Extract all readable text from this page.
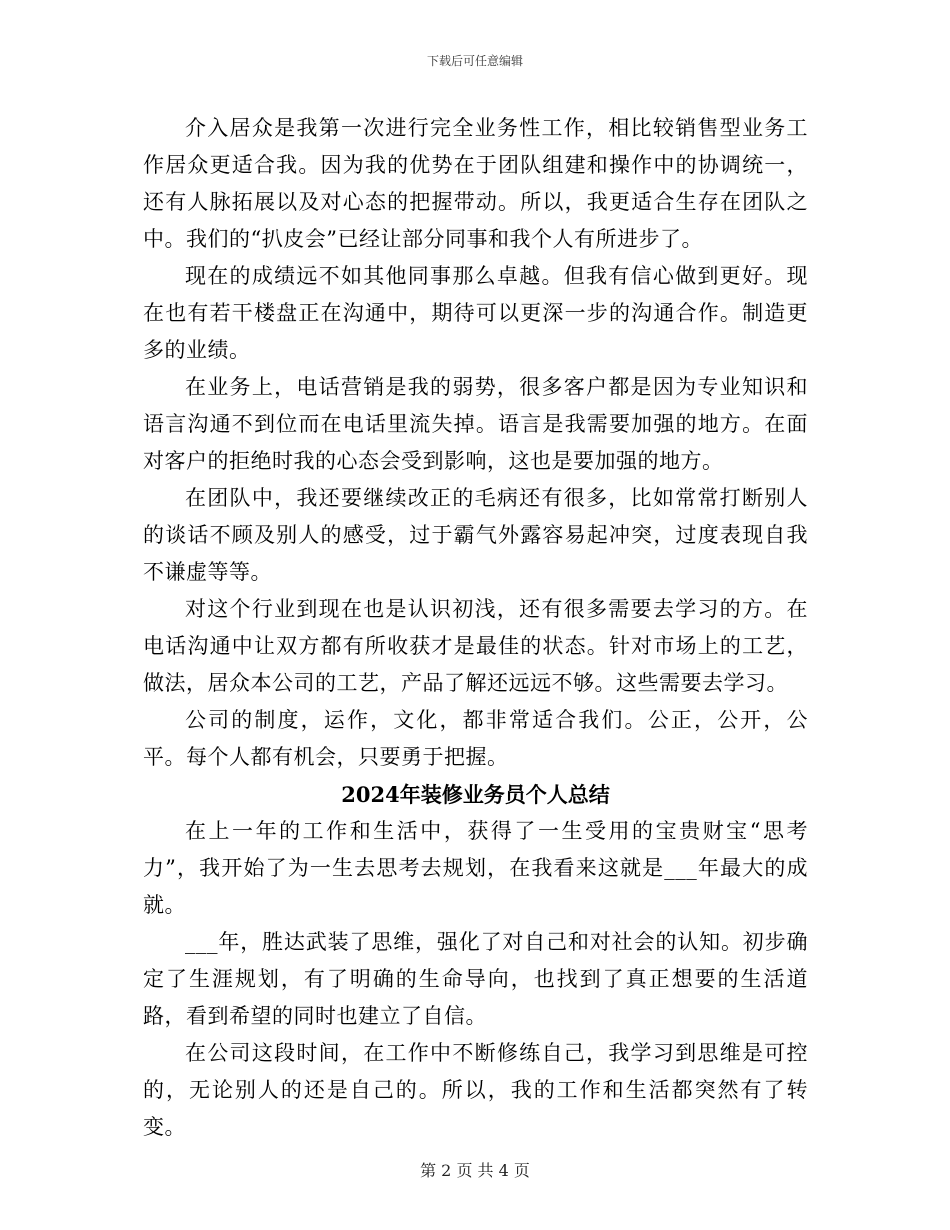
下载后可任意编辑

介入居众是我第一次进行完全业务性工作，相比较销售型业务工作居众更适合我。因为我的优势在于团队组建和操作中的协调统一，还有人脉拓展以及对心态的把握带动。所以，我更适合生存在团队之中。我们的“扒皮会”已经让部分同事和我个人有所进步了。

现在的成绩远不如其他同事那么卓越。但我有信心做到更好。现在也有若干楼盘正在沟通中，期待可以更深一步的沟通合作。制造更多的业绩。

在业务上，电话营销是我的弱势，很多客户都是因为专业知识和语言沟通不到位而在电话里流失掉。语言是我需要加强的地方。在面对客户的拒绝时我的心态会受到影响，这也是要加强的地方。

在团队中，我还要继续改正的毛病还有很多，比如常常打断别人的谈话不顾及别人的感受，过于霸气外露容易起冲突，过度表现自我不谦虚等等。

对这个行业到现在也是认识初浅，还有很多需要去学习的方。在电话沟通中让双方都有所收获才是最佳的状态。针对市场上的工艺，做法，居众本公司的工艺，产品了解还远远不够。这些需要去学习。

公司的制度，运作，文化，都非常适合我们。公正，公开，公平。每个人都有机会，只要勇于把握。

2024年装修业务员个人总结

在上一年的工作和生活中，获得了一生受用的宝贵财宝“思考力”，我开始了为一生去思考去规划，在我看来这就是___年最大的成就。

___年，胜达武装了思维，强化了对自己和对社会的认知。初步确定了生涯规划，有了明确的生命导向，也找到了真正想要的生活道路，看到希望的同时也建立了自信。

在公司这段时间，在工作中不断修练自己，我学习到思维是可控的，无论别人的还是自己的。所以，我的工作和生活都突然有了转变。

第 2 页 共 4 页
